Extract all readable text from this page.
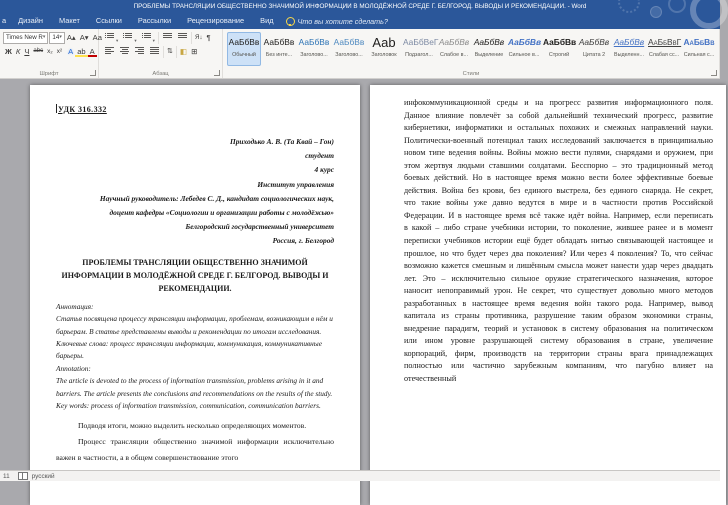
ПРОБЛЕМЫ ТРАНСЛЯЦИИ ОБЩЕСТВЕННО ЗНАЧИМОЙ ИНФОРМАЦИИ В МОЛОДЁЖНОЙ СРЕДЕ Г. БЕЛГОРОД. ВЫВОДЫ И РЕКОМЕНДАЦИИ. - Word
а	Дизайн	Макет	Ссылки	Рассылки	Рецензирование	Вид	Что вы хотите сделать?
Times New R ▾ 14 ▾ А▴ А▾ Аа
Ж К Ч abc x₂ x² А ab А
Шрифт
▾	▾	▾	Я↓ ¶
⇅ ◧ ⊞
Абзац
АаБбВв
Обычный
АаБбВв
Без инте...
АаБбВв
Заголово...
АаБбВв
Заголово...
Aab
Заголовок
АаБбВеГ
Подзагол...
АаБбВв
Слабое в...
АаБбВв
Выделение
АаБбВв
Сильное в...
АаБбВв
Строгий
АаБбВв
Цитата 2
АаБбВв
Выделенн...
АаБбВвГ
Слабая сс...
АаБбВв
Сильная с...
Стили
УДК 316.332
Приходько А. В. (Та Квай – Гон)
студент
4 курс
Институт управления
Научный руководитель: Лебедев С. Д., кандидат социологических наук,
доцент кафедры «Социологии и организации работы с молодёжью»
Белгородский государственный университет
Россия, г. Белгород
ПРОБЛЕМЫ ТРАНСЛЯЦИИ ОБЩЕСТВЕННО ЗНАЧИМОЙ ИНФОРМАЦИИ В МОЛОДЁЖНОЙ СРЕДЕ Г. БЕЛГОРОД. ВЫВОДЫ И РЕКОМЕНДАЦИИ.

Аннотация:

Статья посвящена процессу трансляции информации, проблемам, возникающим в нём и барьерам. В статье представлены выводы и рекомендации по итогам исследования.

Ключевые слова: процесс трансляции информации, коммуникация, коммуникативные барьеры.

Annotation:

The article is devoted to the process of information transmission, problems arising in it and barriers. The article presents the conclusions and recommendations on the results of the study.

Key words: process of information transmission, communication, communication barriers.

Подводя итоги, можно выделить несколько определяющих моментов.

Процесс трансляции общественно значимой информации исключительно важен в частности, а в общем совершенствование этого

инфокоммуникационной среды и на прогресс развития информационного поля. Данное влияние повлечёт за собой дальнейший технический прогресс, развитие кибернетики, информатики и остальных похожих и смежных направлений науки. Политически-военный потенциал таких исследований заключается в принципиально новом типе ведения войны. Войны можно вести пулями, снарядами и оружием, при этом жертвуя людьми ставшими солдатами. Бесспорно – это традиционный метод боевых действий. Но в настоящее время можно вести более эффективные боевые действия. Война без крови, без единого выстрела, без единого снаряда. Не секрет, что такие войны уже давно ведутся в мире и в частности против Российской Федерации. И в настоящее время всё также идёт война. Например, если переписать в какой – либо стране учебники истории, то поколение, жившее ранее и в момент переписки учебников истории ещё будет обладать нитью связывающей настоящее и прошлое, но что будет через два поколения? Или через 4 поколения? То, что сейчас возможно кажется смешным и лишённым смысла может нанести удар через двадцать лет. Это – исключительно сильное оружие стратегического назначения, которое наносит непоправимый урон. Не секрет, что существует довольно много методов разработанных в настоящее время ведения войн такого рода. Например, вывод капитала из страны противника, разрушение таким образом экономики страны, внедрение парадигм, теорий и установок в систему образования на политическом или ином уровне разрушающей систему образования в стране, увеличение корпораций, фирм, производств на территории страны врага принадлежащих полностью или частично зарубежным компаниям, что пагубно влияет на отечественный

11	русский
